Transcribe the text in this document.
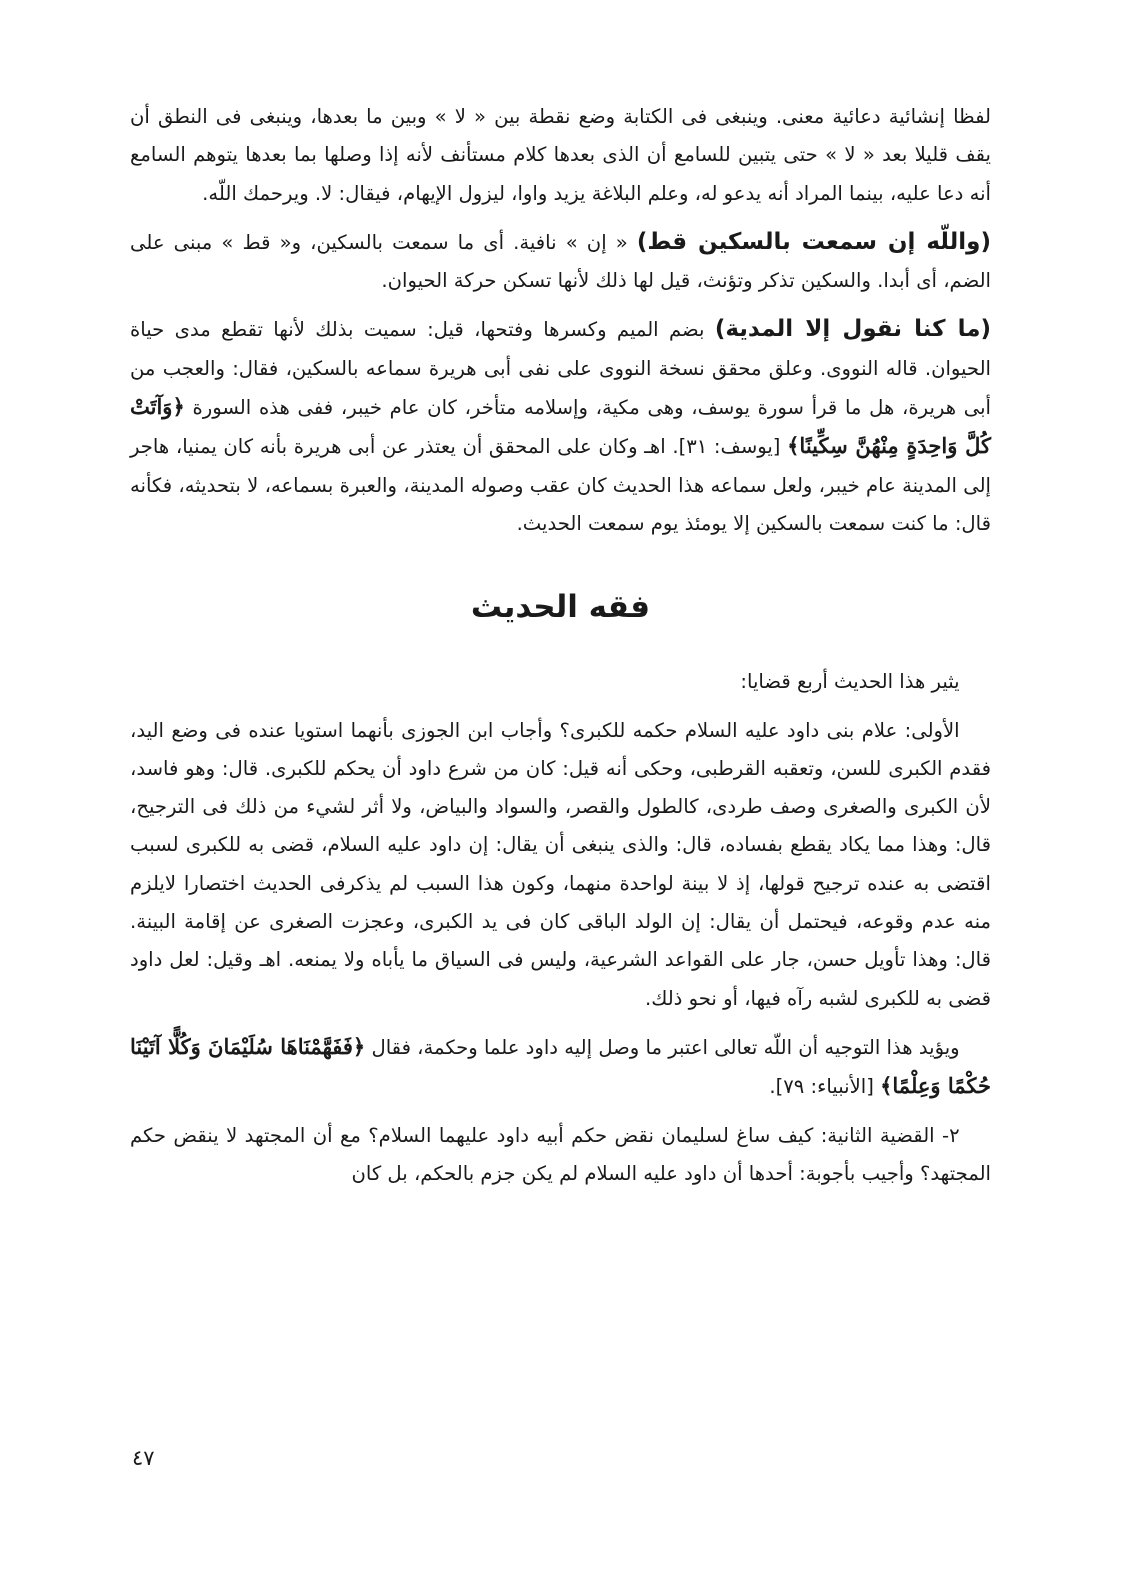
لفظا إنشائية دعائية معنى. وينبغى فى الكتابة وضع نقطة بين « لا » وبين ما بعدها، وينبغى فى النطق أن يقف قليلا بعد « لا » حتى يتبين للسامع أن الذى بعدها كلام مستأنف لأنه إذا وصلها بما بعدها يتوهم السامع أنه دعا عليه، بينما المراد أنه يدعو له، وعلم البلاغة يزيد واوا، ليزول الإيهام، فيقال: لا. ويرحمك اللّه.

(واللّه إن سمعت بالسكين قط) « إن » نافية. أى ما سمعت بالسكين، و« قط » مبنى على الضم، أى أبدا. والسكين تذكر وتؤنث، قيل لها ذلك لأنها تسكن حركة الحيوان.

(ما كنا نقول إلا المدية) بضم الميم وكسرها وفتحها، قيل: سميت بذلك لأنها تقطع مدى حياة الحيوان. قاله النووى. وعلق محقق نسخة النووى على نفى أبى هريرة سماعه بالسكين، فقال: والعجب من أبى هريرة، هل ما قرأ سورة يوسف، وهى مكية، وإسلامه متأخر، كان عام خيبر، ففى هذه السورة ﴿وَآتَتْ كُلَّ وَاحِدَةٍ مِنْهُنَّ سِكِّينًا﴾ [يوسف: ٣١]. اهـ وكان على المحقق أن يعتذر عن أبى هريرة بأنه كان يمنيا، هاجر إلى المدينة عام خيبر، ولعل سماعه هذا الحديث كان عقب وصوله المدينة، والعبرة بسماعه، لا بتحديثه، فكأنه قال: ما كنت سمعت بالسكين إلا يومئذ يوم سمعت الحديث.

فقه الحديث

يثير هذا الحديث أربع قضايا:

الأولى: علام بنى داود عليه السلام حكمه للكبرى؟ وأجاب ابن الجوزى بأنهما استويا عنده فى وضع اليد، فقدم الكبرى للسن، وتعقبه القرطبى، وحكى أنه قيل: كان من شرع داود أن يحكم للكبرى. قال: وهو فاسد، لأن الكبرى والصغرى وصف طردى، كالطول والقصر، والسواد والبياض، ولا أثر لشيء من ذلك فى الترجيح، قال: وهذا مما يكاد يقطع بفساده، قال: والذى ينبغى أن يقال: إن داود عليه السلام، قضى به للكبرى لسبب اقتضى به عنده ترجيح قولها، إذ لا بينة لواحدة منهما، وكون هذا السبب لم يذكرفى الحديث اختصارا لايلزم منه عدم وقوعه، فيحتمل أن يقال: إن الولد الباقى كان فى يد الكبرى، وعجزت الصغرى عن إقامة البينة. قال: وهذا تأويل حسن، جار على القواعد الشرعية، وليس فى السياق ما يأباه ولا يمنعه. اهـ وقيل: لعل داود قضى به للكبرى لشبه رآه فيها، أو نحو ذلك.

ويؤيد هذا التوجيه أن اللّه تعالى اعتبر ما وصل إليه داود علما وحكمة، فقال ﴿فَفَهَّمْنَاهَا سُلَيْمَانَ وَكُلًّا آتَيْنَا حُكْمًا وَعِلْمًا﴾ [الأنبياء: ٧٩].

٢- القضية الثانية: كيف ساغ لسليمان نقض حكم أبيه داود عليهما السلام؟ مع أن المجتهد لا ينقض حكم المجتهد؟ وأجيب بأجوبة: أحدها أن داود عليه السلام لم يكن جزم بالحكم، بل كان

٤٧
